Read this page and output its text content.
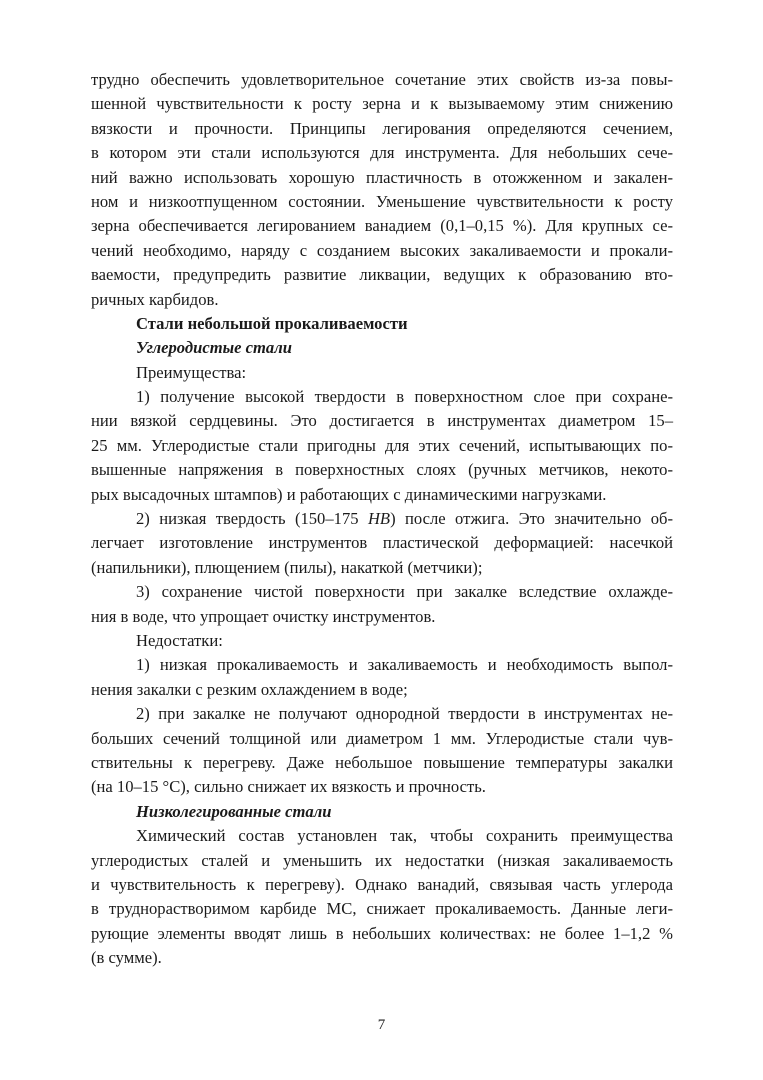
трудно обеспечить удовлетворительное сочетание этих свойств из-за повы-
шенной чувствительности к росту зерна и к вызываемому этим снижению
вязкости и прочности. Принципы легирования определяются сечением,
в котором эти стали используются для инструмента. Для небольших сече-
ний важно использовать хорошую пластичность в отожженном и закален-
ном и низкоотпущенном состоянии. Уменьшение чувствительности к росту
зерна обеспечивается легированием ванадием (0,1–0,15 %). Для крупных се-
чений необходимо, наряду с созданием высоких закаливаемости и прокали-
ваемости, предупредить развитие ликвации, ведущих к образованию вто-
ричных карбидов.
Стали небольшой прокаливаемости
Углеродистые стали
Преимущества:
1) получение высокой твердости в поверхностном слое при сохране-
нии вязкой сердцевины. Это достигается в инструментах диаметром 15–
25 мм. Углеродистые стали пригодны для этих сечений, испытывающих по-
вышенные напряжения в поверхностных слоях (ручных метчиков, некото-
рых высадочных штампов) и работающих с динамическими нагрузками.
2) низкая твердость (150–175 HB) после отжига. Это значительно об-
легчает изготовление инструментов пластической деформацией: насечкой
(напильники), плющением (пилы), накаткой (метчики);
3) сохранение чистой поверхности при закалке вследствие охлажде-
ния в воде, что упрощает очистку инструментов.
Недостатки:
1) низкая прокаливаемость и закаливаемость и необходимость выпол-
нения закалки с резким охлаждением в воде;
2) при закалке не получают однородной твердости в инструментах не-
больших сечений толщиной или диаметром 1 мм. Углеродистые стали чув-
ствительны к перегреву. Даже небольшое повышение температуры закалки
(на 10–15 °С), сильно снижает их вязкость и прочность.
Низколегированные стали
Химический состав установлен так, чтобы сохранить преимущества
углеродистых сталей и уменьшить их недостатки (низкая закаливаемость
и чувствительность к перегреву). Однако ванадий, связывая часть углерода
в труднорастворимом карбиде МС, снижает прокаливаемость. Данные леги-
рующие элементы вводят лишь в небольших количествах: не более 1–1,2 %
(в сумме).
7
